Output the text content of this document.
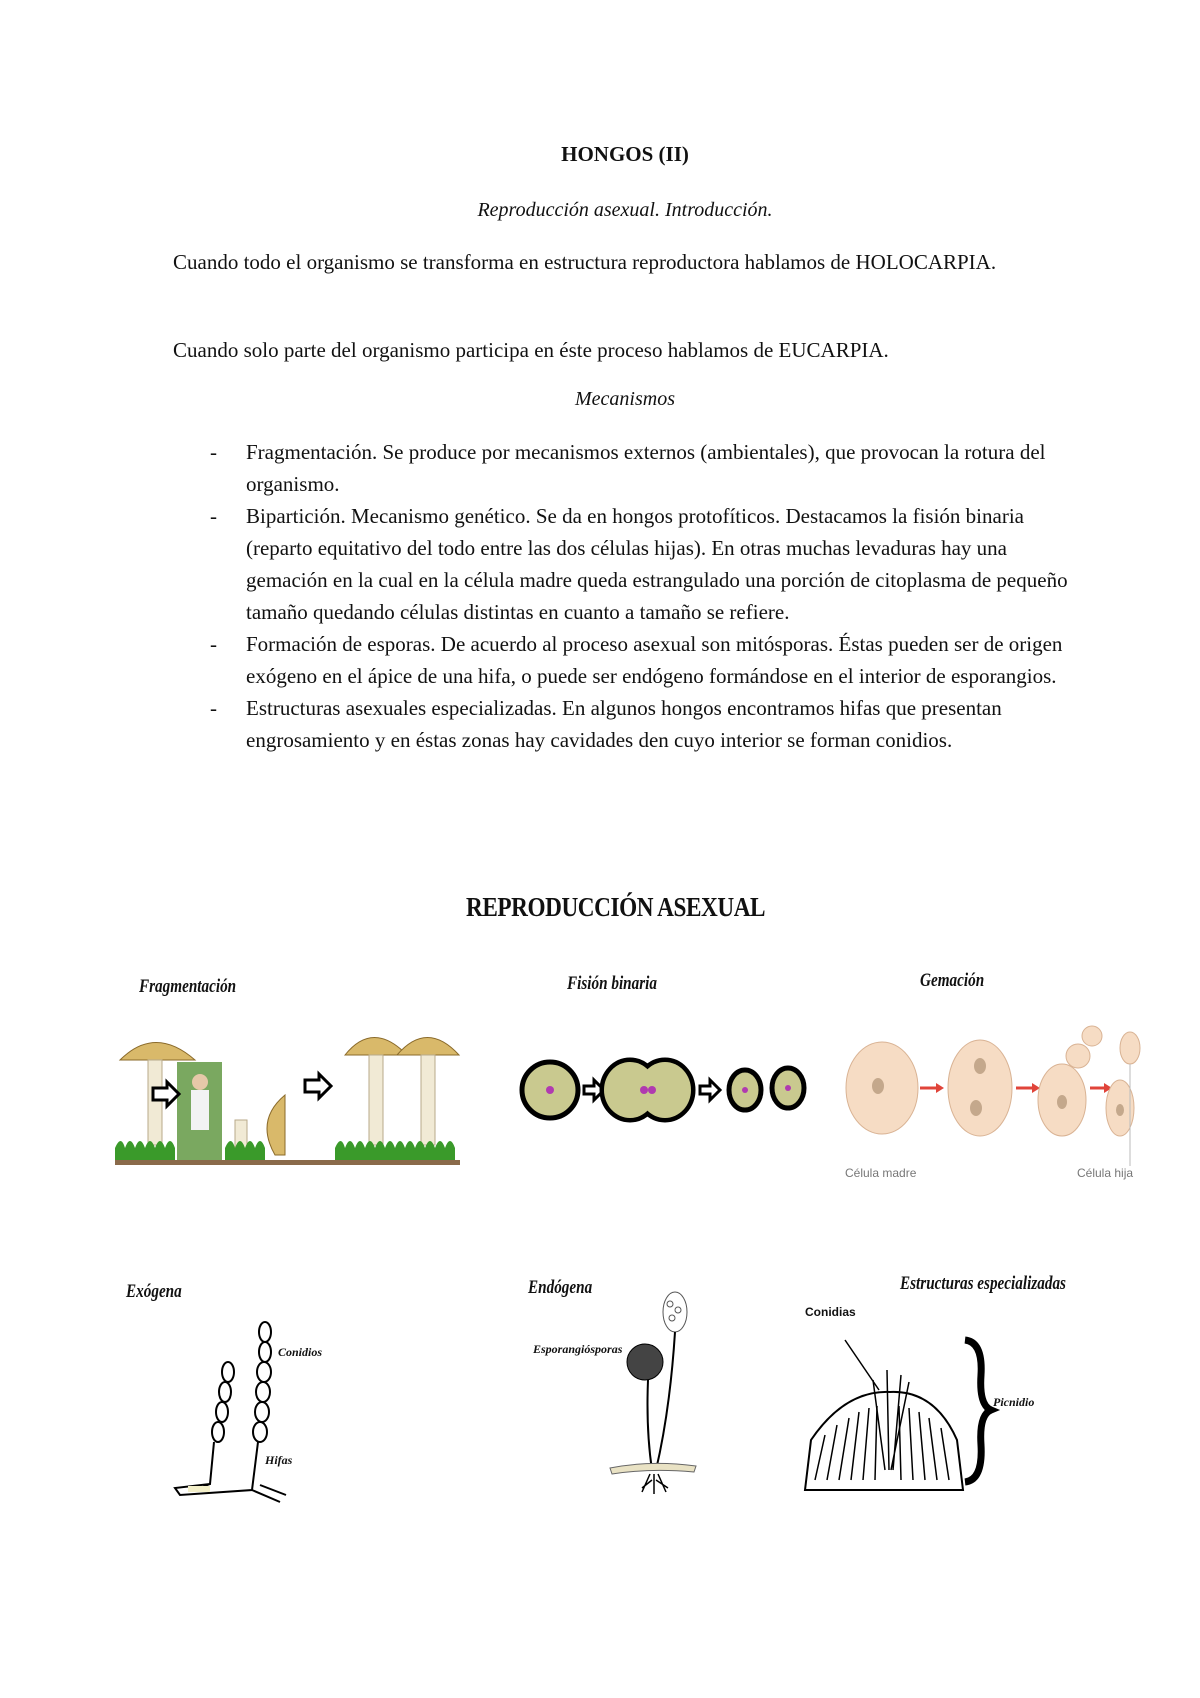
HONGOS (II)
Reproducción asexual. Introducción.
Cuando todo el organismo se transforma en estructura reproductora hablamos de HOLOCARPIA.
Cuando solo parte del organismo participa en éste proceso hablamos de EUCARPIA.
Mecanismos
- Fragmentación. Se produce por mecanismos externos (ambientales), que provocan la rotura del organismo.
- Bipartición. Mecanismo genético. Se da en hongos protofíticos. Destacamos la fisión binaria (reparto equitativo del todo entre las dos células hijas). En otras muchas levaduras hay una gemación en la cual en la célula madre queda estrangulado una porción de citoplasma de pequeño tamaño quedando células distintas en cuanto a tamaño se refiere.
- Formación de esporas. De acuerdo al proceso asexual son mitósporas. Éstas pueden ser de origen exógeno en el ápice de una hifa, o puede ser endógeno formándose en el interior de esporangios.
- Estructuras asexuales especializadas. En algunos hongos encontramos hifas que presentan engrosamiento y en éstas zonas hay cavidades den cuyo interior se forman conidios.
REPRODUCCIÓN ASEXUAL
Fragmentación	Fisión binaria	Gemación
Exógena	Endógena	Estructuras especializadas
Célula madre	Célula hija
Conidios
Hifas
Esporangiósporas
Conidias
Picnidio
